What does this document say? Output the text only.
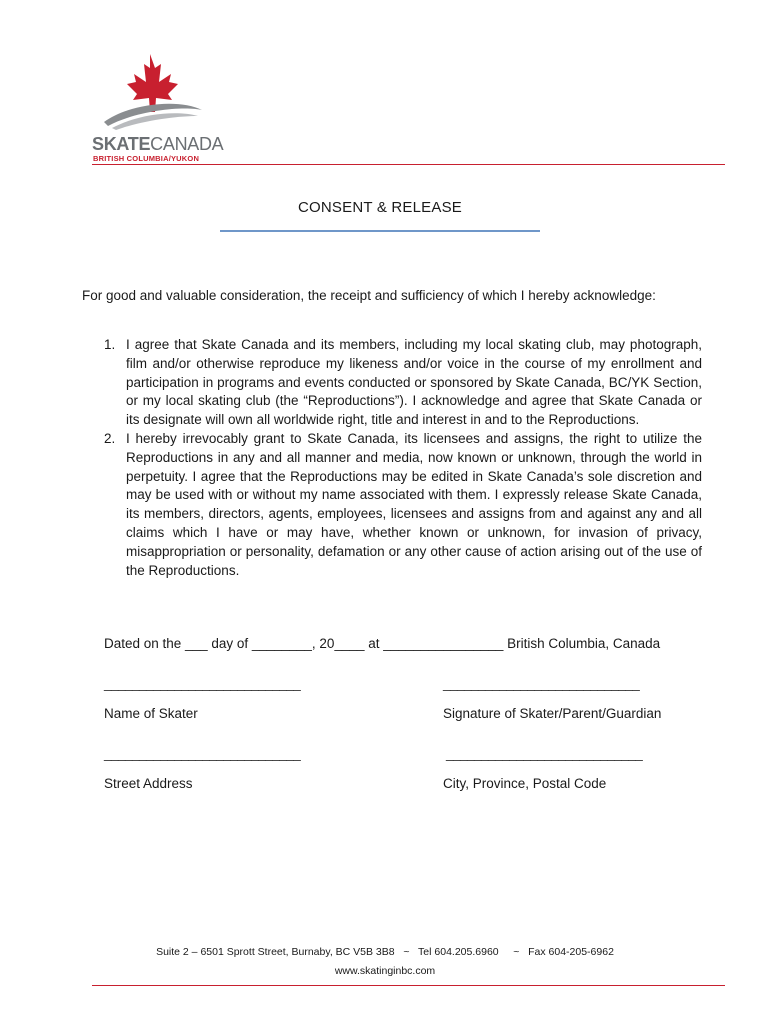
SKATECANADA
BRITISH COLUMBIA/YUKON
CONSENT & RELEASE
For good and valuable consideration, the receipt and sufficiency of which I hereby acknowledge:
1. I agree that Skate Canada and its members, including my local skating club, may photograph, film and/or otherwise reproduce my likeness and/or voice in the course of my enrollment and participation in programs and events conducted or sponsored by Skate Canada, BC/YK Section, or my local skating club (the “Reproductions”). I acknowledge and agree that Skate Canada or its designate will own all worldwide right, title and interest in and to the Reproductions.
2. I hereby irrevocably grant to Skate Canada, its licensees and assigns, the right to utilize the Reproductions in any and all manner and media, now known or unknown, through the world in perpetuity. I agree that the Reproductions may be edited in Skate Canada’s sole discretion and may be used with or without my name associated with them. I expressly release Skate Canada, its members, directors, agents, employees, licensees and assigns from and against any and all claims which I have or may have, whether known or unknown, for invasion of privacy, misappropriation or personality, defamation or any other cause of action arising out of the use of the Reproductions.
Dated on the ___ day of ________, 20____ at ________________ British Columbia, Canada
____________________________	____________________________
Name of Skater	Signature of Skater/Parent/Guardian
____________________________	____________________________
Street Address	City, Province, Postal Code
Suite 2 – 6501 Sprott Street, Burnaby, BC V5B 3B8   ~   Tel 604.205.6960     ~   Fax 604-205-6962
www.skatinginbc.com
